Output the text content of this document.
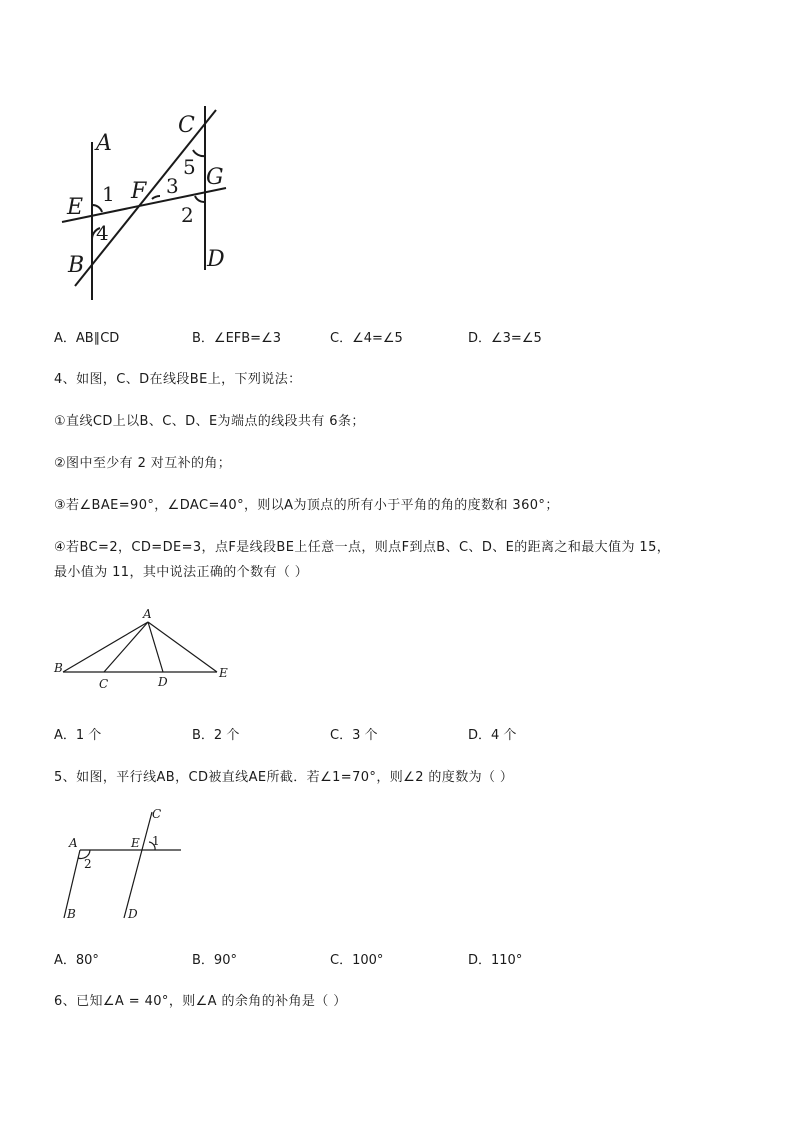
A
C
G
E
F
B	D
1
2
3
4
5
A．AB∥CD	B．∠EFB=∠3	C．∠4=∠5	D．∠3=∠5
4、如图，C、D在线段BE上，下列说法：
①直线CD上以B、C、D、E为端点的线段共有 6条；
②图中至少有 2 对互补的角；
③若∠BAE=90°，∠DAC=40°，则以A为顶点的所有小于平角的角的度数和 360°；
④若BC=2，CD=DE=3，点F是线段BE上任意一点，则点F到点B、C、D、E的距离之和最大值为 15，
最小值为 11，其中说法正确的个数有（ ）
A
B
C	D
E
A．1 个	B．2 个	C．3 个	D．4 个
5、如图，平行线AB，CD被直线AE所截．若∠1=70°，则∠2 的度数为（ ）
C
A	E 1
2
B	D
A．80°	B．90°	C．100°	D．110°
6、已知∠A = 40°，则∠A 的余角的补角是（ ）
